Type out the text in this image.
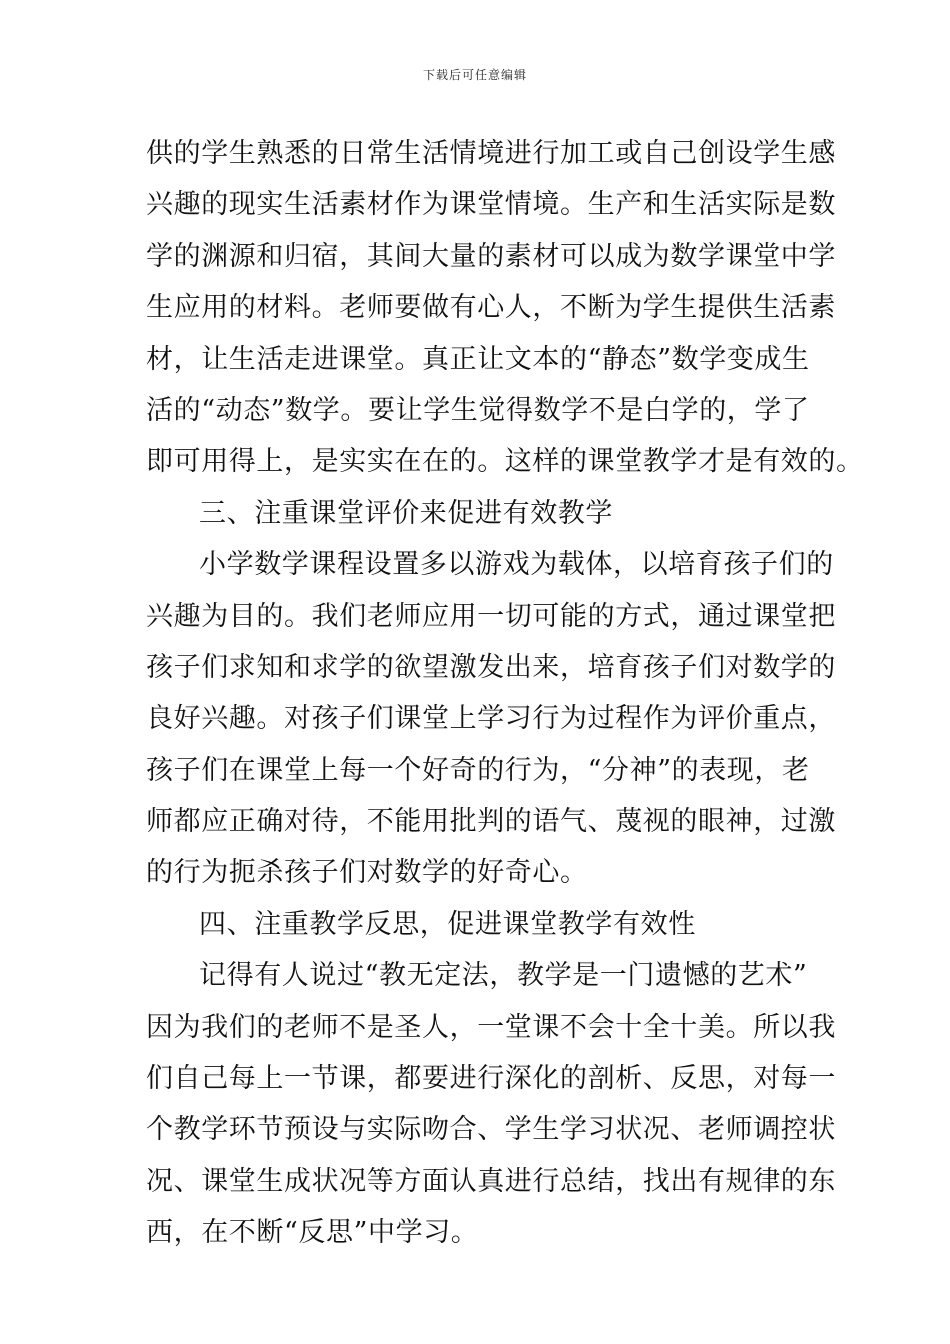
下载后可任意编辑
供的学生熟悉的日常生活情境进行加工或自己创设学生感
兴趣的现实生活素材作为课堂情境。生产和生活实际是数
学的渊源和归宿，其间大量的素材可以成为数学课堂中学
生应用的材料。老师要做有心人，不断为学生提供生活素
材，让生活走进课堂。真正让文本的“静态”数学变成生
活的“动态”数学。要让学生觉得数学不是白学的，学了
即可用得上，是实实在在的。这样的课堂教学才是有效的。
三、注重课堂评价来促进有效教学
小学数学课程设置多以游戏为载体，以培育孩子们的
兴趣为目的。我们老师应用一切可能的方式，通过课堂把
孩子们求知和求学的欲望激发出来，培育孩子们对数学的
良好兴趣。对孩子们课堂上学习行为过程作为评价重点，
孩子们在课堂上每一个好奇的行为，“分神”的表现，老
师都应正确对待，不能用批判的语气、蔑视的眼神，过激
的行为扼杀孩子们对数学的好奇心。
四、注重教学反思，促进课堂教学有效性
记得有人说过“教无定法，教学是一门遗憾的艺术”
因为我们的老师不是圣人，一堂课不会十全十美。所以我
们自己每上一节课，都要进行深化的剖析、反思，对每一
个教学环节预设与实际吻合、学生学习状况、老师调控状
况、课堂生成状况等方面认真进行总结，找出有规律的东
西，在不断“反思”中学习。
